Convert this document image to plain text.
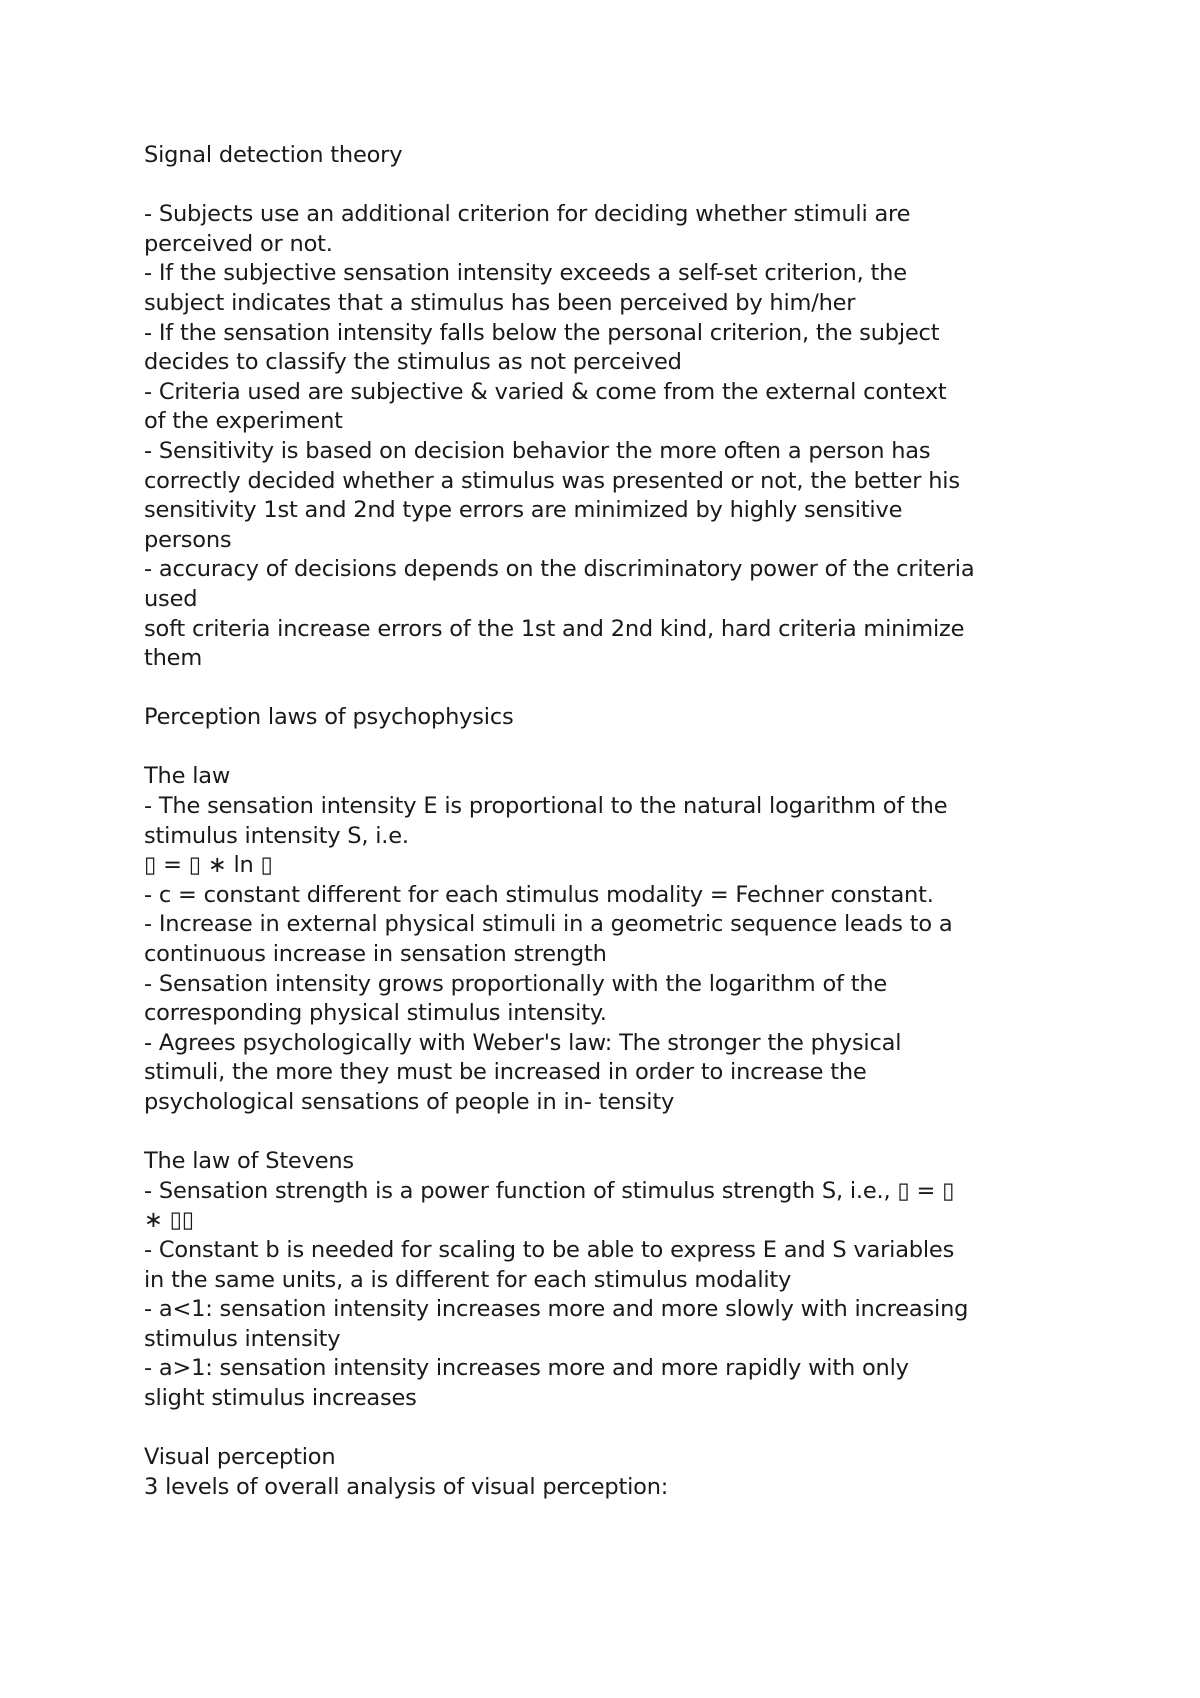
Signal detection theory
- Subjects use an additional criterion for deciding whether stimuli are
perceived or not.
- If the subjective sensation intensity exceeds a self-set criterion, the
subject indicates that a stimulus has been perceived by him/her
- If the sensation intensity falls below the personal criterion, the subject
decides to classify the stimulus as not perceived
- Criteria used are subjective & varied & come from the external context
of the experiment
- Sensitivity is based on decision behavior the more often a person has
correctly decided whether a stimulus was presented or not, the better his
sensitivity 1st and 2nd type errors are minimized by highly sensitive
persons
- accuracy of decisions depends on the discriminatory power of the criteria
used
soft criteria increase errors of the 1st and 2nd kind, hard criteria minimize
them
Perception laws of psychophysics
The law
- The sensation intensity E is proportional to the natural logarithm of the
stimulus intensity S, i.e.
▯ = ▯ ∗ ln ▯
- c = constant different for each stimulus modality = Fechner constant.
- Increase in external physical stimuli in a geometric sequence leads to a
continuous increase in sensation strength
- Sensation intensity grows proportionally with the logarithm of the
corresponding physical stimulus intensity.
- Agrees psychologically with Weber's law: The stronger the physical
stimuli, the more they must be increased in order to increase the
psychological sensations of people in in- tensity
The law of Stevens
- Sensation strength is a power function of stimulus strength S, i.e., ▯ = ▯
∗ ▯▯
- Constant b is needed for scaling to be able to express E and S variables
in the same units, a is different for each stimulus modality
- a<1: sensation intensity increases more and more slowly with increasing
stimulus intensity
- a>1: sensation intensity increases more and more rapidly with only
slight stimulus increases
Visual perception
3 levels of overall analysis of visual perception:
